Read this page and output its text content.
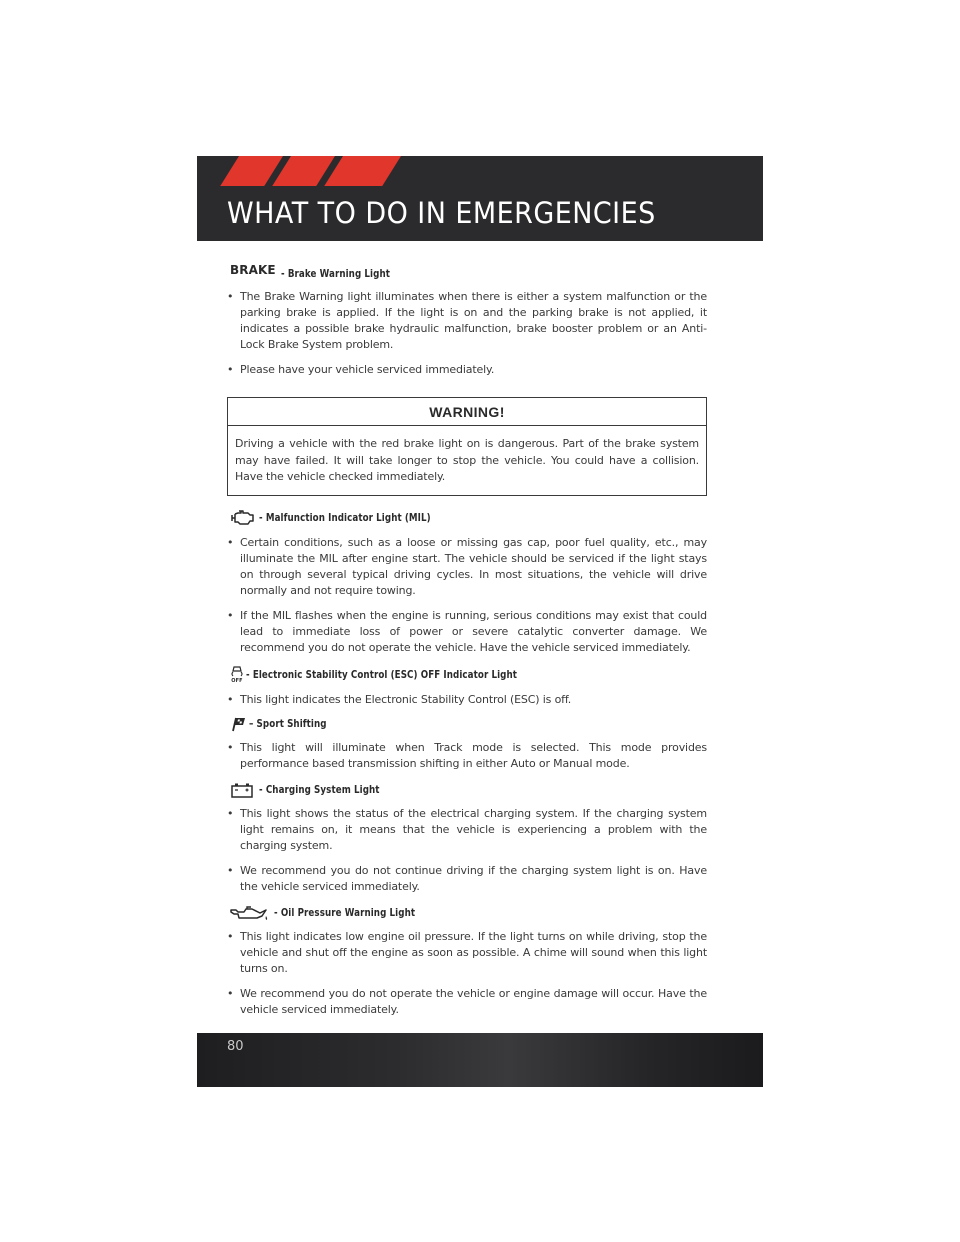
WHAT TO DO IN EMERGENCIES
BRAKE - Brake Warning Light
• The Brake Warning light illuminates when there is either a system malfunction or the parking brake is applied. If the light is on and the parking brake is not applied, it indicates a possible brake hydraulic malfunction, brake booster problem or an Anti-Lock Brake System problem.
• Please have your vehicle serviced immediately.
WARNING!
Driving a vehicle with the red brake light on is dangerous. Part of the brake system may have failed. It will take longer to stop the vehicle. You could have a collision. Have the vehicle checked immediately.
- Malfunction Indicator Light (MIL)
• Certain conditions, such as a loose or missing gas cap, poor fuel quality, etc., may illuminate the MIL after engine start. The vehicle should be serviced if the light stays on through several typical driving cycles. In most situations, the vehicle will drive normally and not require towing.
• If the MIL flashes when the engine is running, serious conditions may exist that could lead to immediate loss of power or severe catalytic converter damage. We recommend you do not operate the vehicle. Have the vehicle serviced immediately.
OFF - Electronic Stability Control (ESC) OFF Indicator Light
• This light indicates the Electronic Stability Control (ESC) is off.
– Sport Shifting
• This light will illuminate when Track mode is selected. This mode provides performance based transmission shifting in either Auto or Manual mode.
- Charging System Light
• This light shows the status of the electrical charging system. If the charging system light remains on, it means that the vehicle is experiencing a problem with the charging system.
• We recommend you do not continue driving if the charging system light is on. Have the vehicle serviced immediately.
- Oil Pressure Warning Light
• This light indicates low engine oil pressure. If the light turns on while driving, stop the vehicle and shut off the engine as soon as possible. A chime will sound when this light turns on.
• We recommend you do not operate the vehicle or engine damage will occur. Have the vehicle serviced immediately.
80
